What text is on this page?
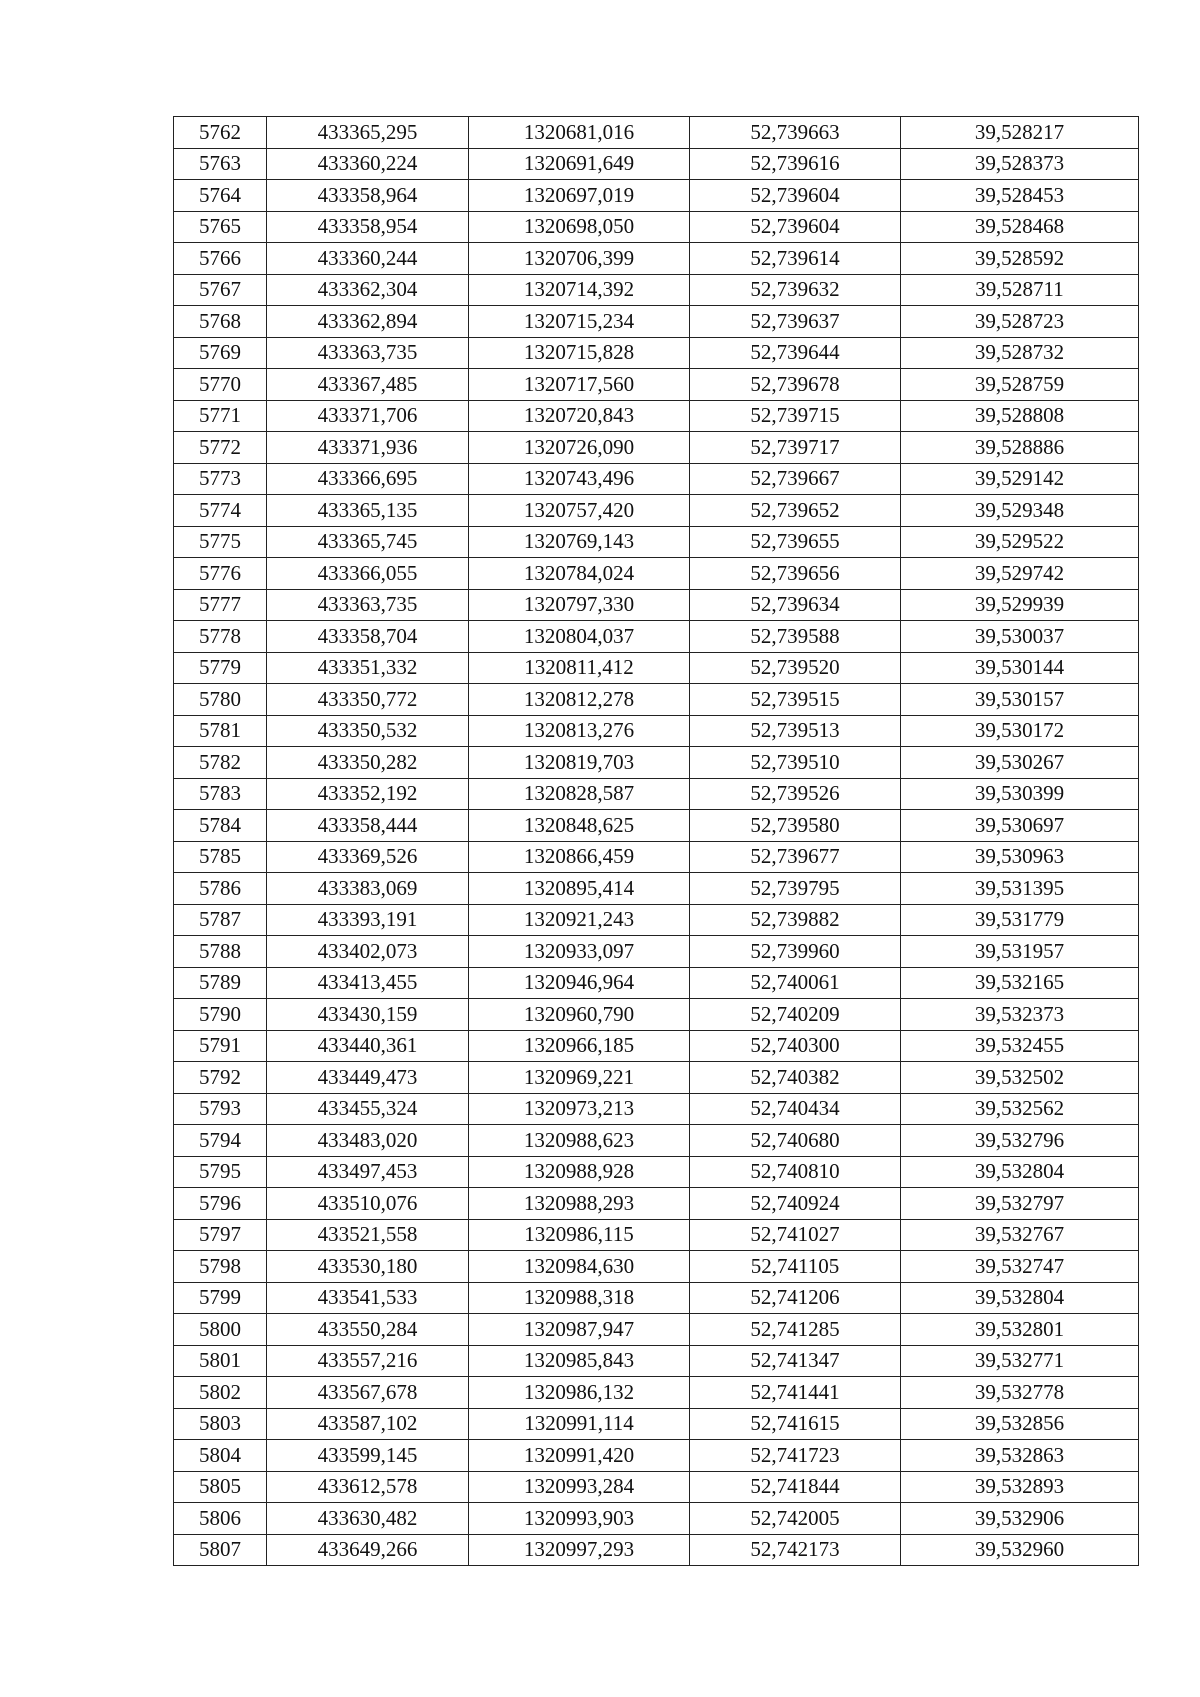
5762	433365,295	1320681,016	52,739663	39,528217
5763	433360,224	1320691,649	52,739616	39,528373
5764	433358,964	1320697,019	52,739604	39,528453
5765	433358,954	1320698,050	52,739604	39,528468
5766	433360,244	1320706,399	52,739614	39,528592
5767	433362,304	1320714,392	52,739632	39,528711
5768	433362,894	1320715,234	52,739637	39,528723
5769	433363,735	1320715,828	52,739644	39,528732
5770	433367,485	1320717,560	52,739678	39,528759
5771	433371,706	1320720,843	52,739715	39,528808
5772	433371,936	1320726,090	52,739717	39,528886
5773	433366,695	1320743,496	52,739667	39,529142
5774	433365,135	1320757,420	52,739652	39,529348
5775	433365,745	1320769,143	52,739655	39,529522
5776	433366,055	1320784,024	52,739656	39,529742
5777	433363,735	1320797,330	52,739634	39,529939
5778	433358,704	1320804,037	52,739588	39,530037
5779	433351,332	1320811,412	52,739520	39,530144
5780	433350,772	1320812,278	52,739515	39,530157
5781	433350,532	1320813,276	52,739513	39,530172
5782	433350,282	1320819,703	52,739510	39,530267
5783	433352,192	1320828,587	52,739526	39,530399
5784	433358,444	1320848,625	52,739580	39,530697
5785	433369,526	1320866,459	52,739677	39,530963
5786	433383,069	1320895,414	52,739795	39,531395
5787	433393,191	1320921,243	52,739882	39,531779
5788	433402,073	1320933,097	52,739960	39,531957
5789	433413,455	1320946,964	52,740061	39,532165
5790	433430,159	1320960,790	52,740209	39,532373
5791	433440,361	1320966,185	52,740300	39,532455
5792	433449,473	1320969,221	52,740382	39,532502
5793	433455,324	1320973,213	52,740434	39,532562
5794	433483,020	1320988,623	52,740680	39,532796
5795	433497,453	1320988,928	52,740810	39,532804
5796	433510,076	1320988,293	52,740924	39,532797
5797	433521,558	1320986,115	52,741027	39,532767
5798	433530,180	1320984,630	52,741105	39,532747
5799	433541,533	1320988,318	52,741206	39,532804
5800	433550,284	1320987,947	52,741285	39,532801
5801	433557,216	1320985,843	52,741347	39,532771
5802	433567,678	1320986,132	52,741441	39,532778
5803	433587,102	1320991,114	52,741615	39,532856
5804	433599,145	1320991,420	52,741723	39,532863
5805	433612,578	1320993,284	52,741844	39,532893
5806	433630,482	1320993,903	52,742005	39,532906
5807	433649,266	1320997,293	52,742173	39,532960
